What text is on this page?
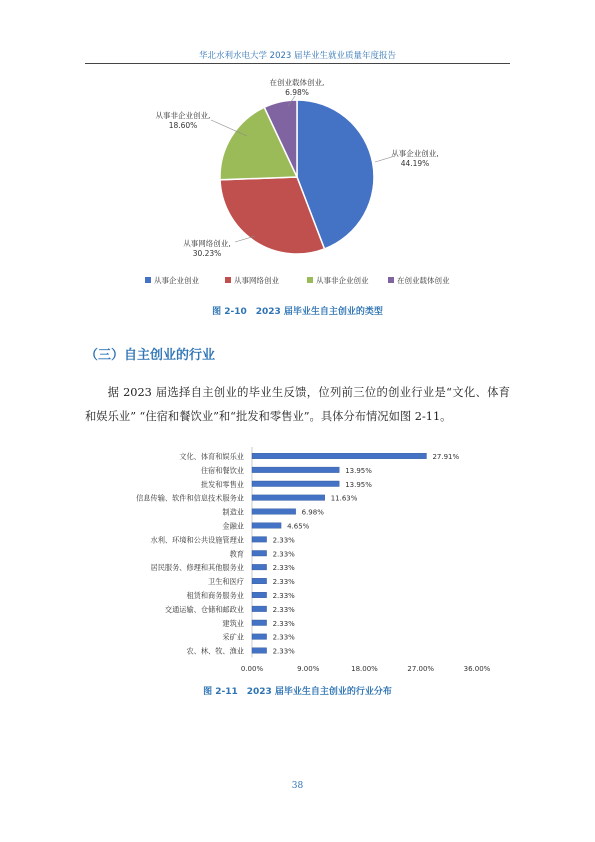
华北水利水电大学 2023 届毕业生就业质量年度报告
从事企业创业, 44.19%
从事网络创业, 30.23%
从事非企业创业, 18.60%
在创业载体创业, 6.98%
从事企业创业	从事网络创业	从事非企业创业	在创业载体创业
图 2-10　2023 届毕业生自主创业的类型
（三）自主创业的行业
据 2023 届选择自主创业的毕业生反馈，位列前三位的创业行业是“文化、体育和娱乐业” “住宿和餐饮业”和“批发和零售业”。具体分布情况如图 2-11。
文化、体育和娱乐业	27.91%
住宿和餐饮业	13.95%
批发和零售业	13.95%
信息传输、软件和信息技术服务业	11.63%
制造业	6.98%
金融业	4.65%
水利、环境和公共设施管理业	2.33%
教育	2.33%
居民服务、修理和其他服务业	2.33%
卫生和医疗	2.33%
租赁和商务服务业	2.33%
交通运输、仓储和邮政业	2.33%
建筑业	2.33%
采矿业	2.33%
农、林、牧、渔业	2.33%
0.00%	9.00%	18.00%	27.00%	36.00%
图 2-11　2023 届毕业生自主创业的行业分布
38
